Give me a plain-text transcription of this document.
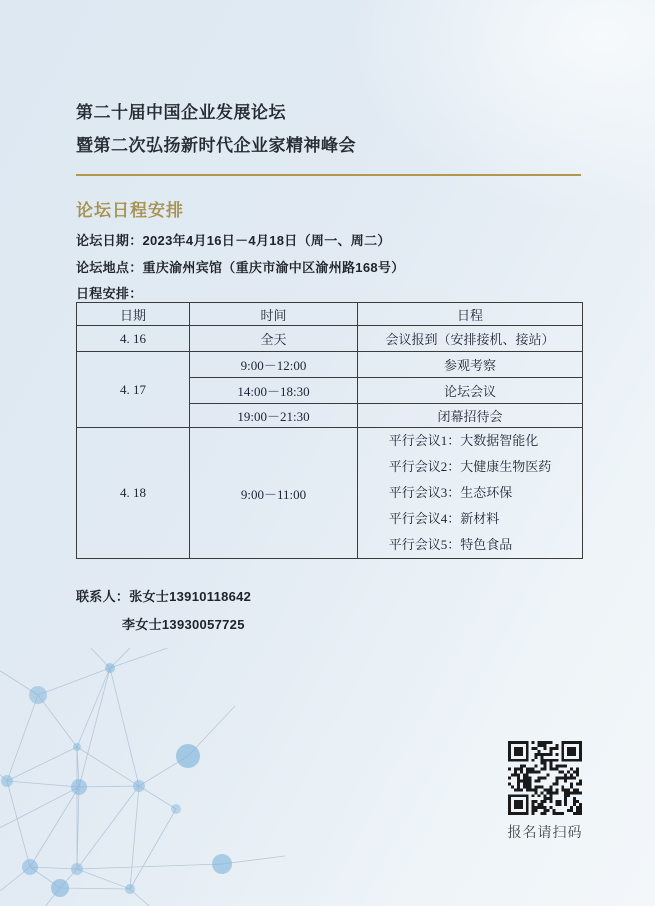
第二十届中国企业发展论坛
暨第二次弘扬新时代企业家精神峰会
论坛日程安排
论坛日期：2023年4月16日－4月18日（周一、周二）
论坛地点：重庆渝州宾馆（重庆市渝中区渝州路168号）
日程安排：
日期	时间	日程
4. 16	全天	会议报到（安排接机、接站）
4. 17	9:00－12:00	参观考察
	14:00－18:30	论坛会议
	19:00－21:30	闭幕招待会
4. 18	9:00－11:00	平行会议1：大数据智能化
平行会议2：大健康生物医药
平行会议3：生态环保
平行会议4：新材料
平行会议5：特色食品
联系人：张女士13910118642
李女士13930057725
报名请扫码
